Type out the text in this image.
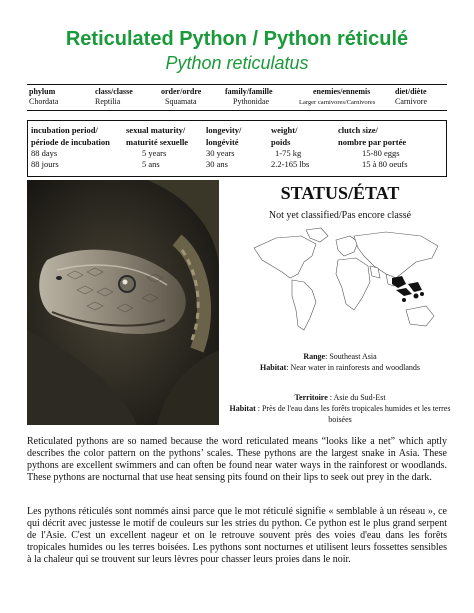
Reticulated Python / Python réticulé
Python reticulatus
phylum
Chordata
class/classe
Reptilia
order/ordre
Squamata
family/famille
Pythonidae
enemies/ennemis
Larger carnivores/Carnivores
diet/diète
Carnivore
incubation period/
période de incubation
88 days
88 jours
sexual maturity/
maturité sexuelle
5 years
5 ans
longevity/
longévité
30 years
30 ans
weight/
poids
1-75 kg
2.2-165 lbs
clutch size/
nombre par portée
15-80 eggs
15 à 80 oeufs
STATUS/ÉTAT
Not yet classified/Pas encore classé
Range: Southeast Asia
Habitat: Near water in rainforests and woodlands
Territoire : Asie du Sud-Est
Habitat : Près de l'eau dans les forêts tropicales humides et les terres boisées
Reticulated pythons are so named because the word reticulated means “looks like a net” which aptly describes the color pattern on the pythons’ scales. These pythons are the largest snake in Asia. These pythons are excellent swimmers and can often be found near water ways in the rainforest or woodlands. These pythons are nocturnal that use heat sensing pits found on their lips to seek out prey in the dark.
Les pythons réticulés sont nommés ainsi parce que le mot réticulé signifie « semblable à un réseau », ce qui décrit avec justesse le motif de couleurs sur les stries du python. Ce python est le plus grand serpent de l'Asie. C'est un excellent nageur et on le retrouve souvent près des voies d'eau dans les forêts tropicales humides ou les terres boisées. Les pythons sont nocturnes et utilisent leurs fossettes sensibles à la chaleur qui se trouvent sur leurs lèvres pour chasser leurs proies dans le noir.
